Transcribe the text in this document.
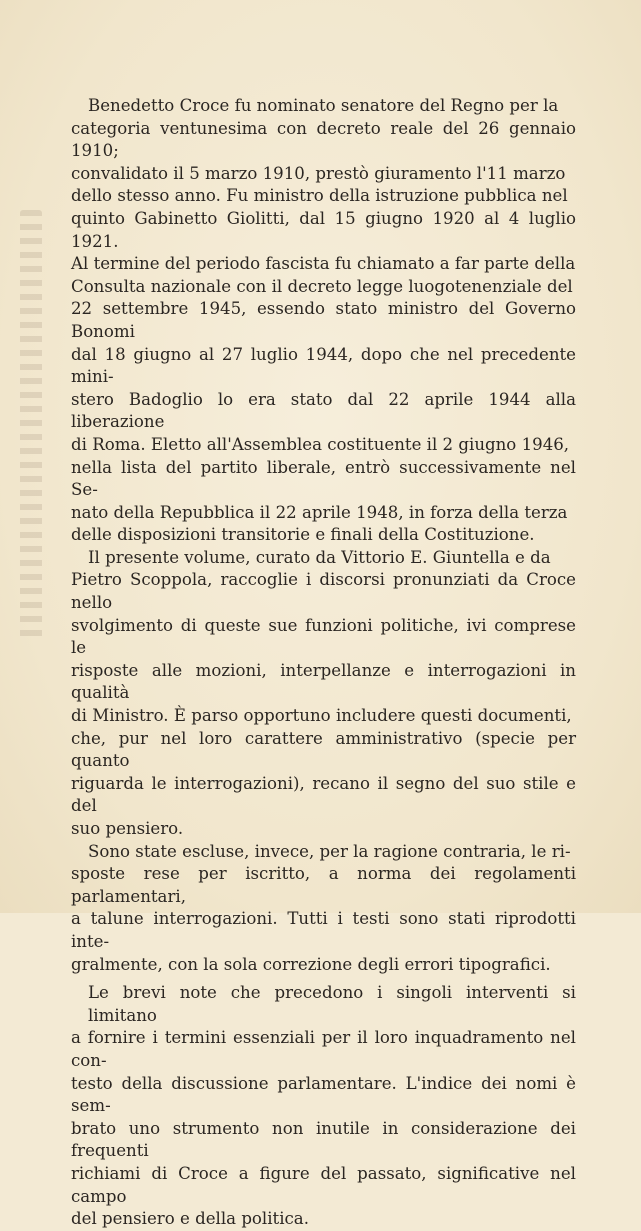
Benedetto Croce fu nominato senatore del Regno per la
categoria ventunesima con decreto reale del 26 gennaio 1910;
convalidato il 5 marzo 1910, prestò giuramento l'11 marzo
dello stesso anno. Fu ministro della istruzione pubblica nel
quinto Gabinetto Giolitti, dal 15 giugno 1920 al 4 luglio 1921.
Al termine del periodo fascista fu chiamato a far parte della
Consulta nazionale con il decreto legge luogotenenziale del
22 settembre 1945, essendo stato ministro del Governo Bonomi
dal 18 giugno al 27 luglio 1944, dopo che nel precedente mini-
stero Badoglio lo era stato dal 22 aprile 1944 alla liberazione
di Roma. Eletto all'Assemblea costituente il 2 giugno 1946,
nella lista del partito liberale, entrò successivamente nel Se-
nato della Repubblica il 22 aprile 1948, in forza della terza
delle disposizioni transitorie e finali della Costituzione.
Il presente volume, curato da Vittorio E. Giuntella e da
Pietro Scoppola, raccoglie i discorsi pronunziati da Croce nello
svolgimento di queste sue funzioni politiche, ivi comprese le
risposte alle mozioni, interpellanze e interrogazioni in qualità
di Ministro. È parso opportuno includere questi documenti,
che, pur nel loro carattere amministrativo (specie per quanto
riguarda le interrogazioni), recano il segno del suo stile e del
suo pensiero.
Sono state escluse, invece, per la ragione contraria, le ri-
sposte rese per iscritto, a norma dei regolamenti parlamentari,
a talune interrogazioni. Tutti i testi sono stati riprodotti inte-
gralmente, con la sola correzione degli errori tipografici.
Le brevi note che precedono i singoli interventi si limitano
a fornire i termini essenziali per il loro inquadramento nel con-
testo della discussione parlamentare. L'indice dei nomi è sem-
brato uno strumento non inutile in considerazione dei frequenti
richiami di Croce a figure del passato, significative nel campo
del pensiero e della politica.
